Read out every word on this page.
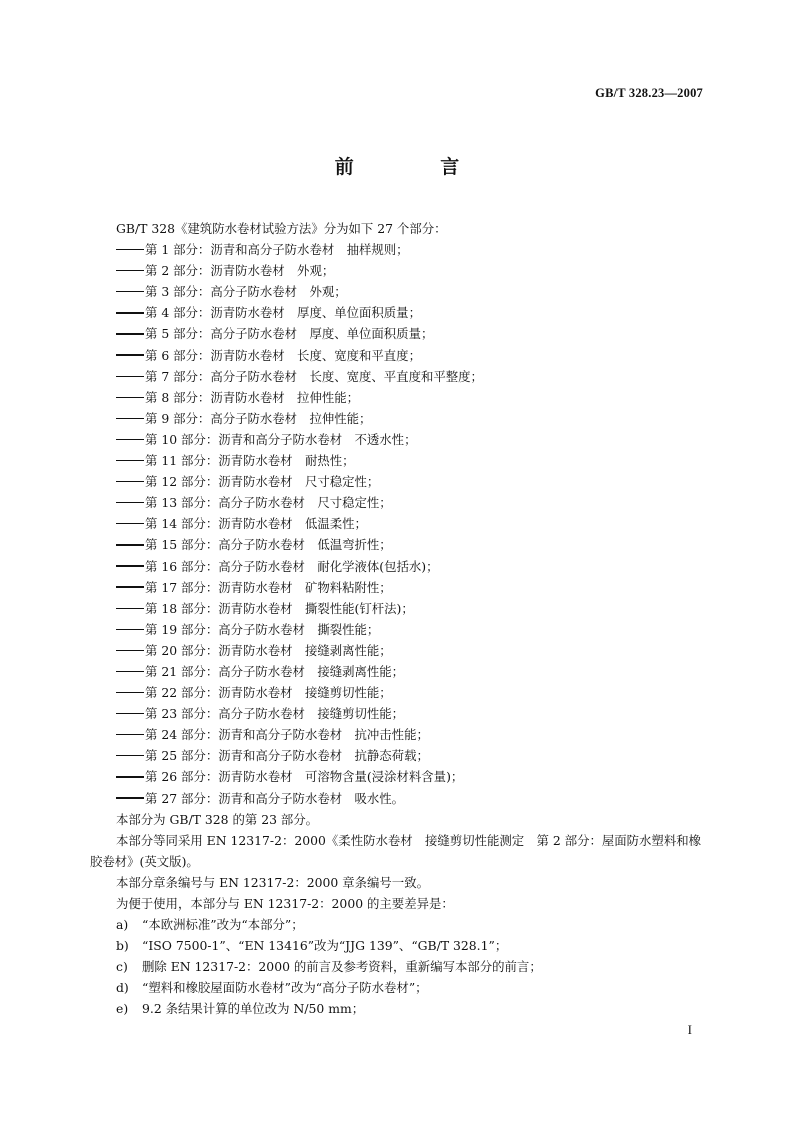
GB/T 328.23—2007
前 言
GB/T 328《建筑防水卷材试验方法》分为如下 27 个部分：
第 1 部分：沥青和高分子防水卷材　抽样规则；
第 2 部分：沥青防水卷材　外观；
第 3 部分：高分子防水卷材　外观；
第 4 部分：沥青防水卷材　厚度、单位面积质量；
第 5 部分：高分子防水卷材　厚度、单位面积质量；
第 6 部分：沥青防水卷材　长度、宽度和平直度；
第 7 部分：高分子防水卷材　长度、宽度、平直度和平整度；
第 8 部分：沥青防水卷材　拉伸性能；
第 9 部分：高分子防水卷材　拉伸性能；
第 10 部分：沥青和高分子防水卷材　不透水性；
第 11 部分：沥青防水卷材　耐热性；
第 12 部分：沥青防水卷材　尺寸稳定性；
第 13 部分：高分子防水卷材　尺寸稳定性；
第 14 部分：沥青防水卷材　低温柔性；
第 15 部分：高分子防水卷材　低温弯折性；
第 16 部分：高分子防水卷材　耐化学液体(包括水)；
第 17 部分：沥青防水卷材　矿物料粘附性；
第 18 部分：沥青防水卷材　撕裂性能(钉杆法)；
第 19 部分：高分子防水卷材　撕裂性能；
第 20 部分：沥青防水卷材　接缝剥离性能；
第 21 部分：高分子防水卷材　接缝剥离性能；
第 22 部分：沥青防水卷材　接缝剪切性能；
第 23 部分：高分子防水卷材　接缝剪切性能；
第 24 部分：沥青和高分子防水卷材　抗冲击性能；
第 25 部分：沥青和高分子防水卷材　抗静态荷载；
第 26 部分：沥青防水卷材　可溶物含量(浸涂材料含量)；
第 27 部分：沥青和高分子防水卷材　吸水性。
本部分为 GB/T 328 的第 23 部分。
本部分等同采用 EN 12317-2：2000《柔性防水卷材　接缝剪切性能测定　第 2 部分：屋面防水塑料和橡胶卷材》(英文版)。
本部分章条编号与 EN 12317-2：2000 章条编号一致。
为便于使用，本部分与 EN 12317-2：2000 的主要差异是：
a) “本欧洲标准”改为“本部分”；
b) “ISO 7500-1”、“EN 13416”改为“JJG 139”、“GB/T 328.1”；
c) 删除 EN 12317-2：2000 的前言及参考资料，重新编写本部分的前言；
d) “塑料和橡胶屋面防水卷材”改为“高分子防水卷材”；
e) 9.2 条结果计算的单位改为 N/50 mm；
I
